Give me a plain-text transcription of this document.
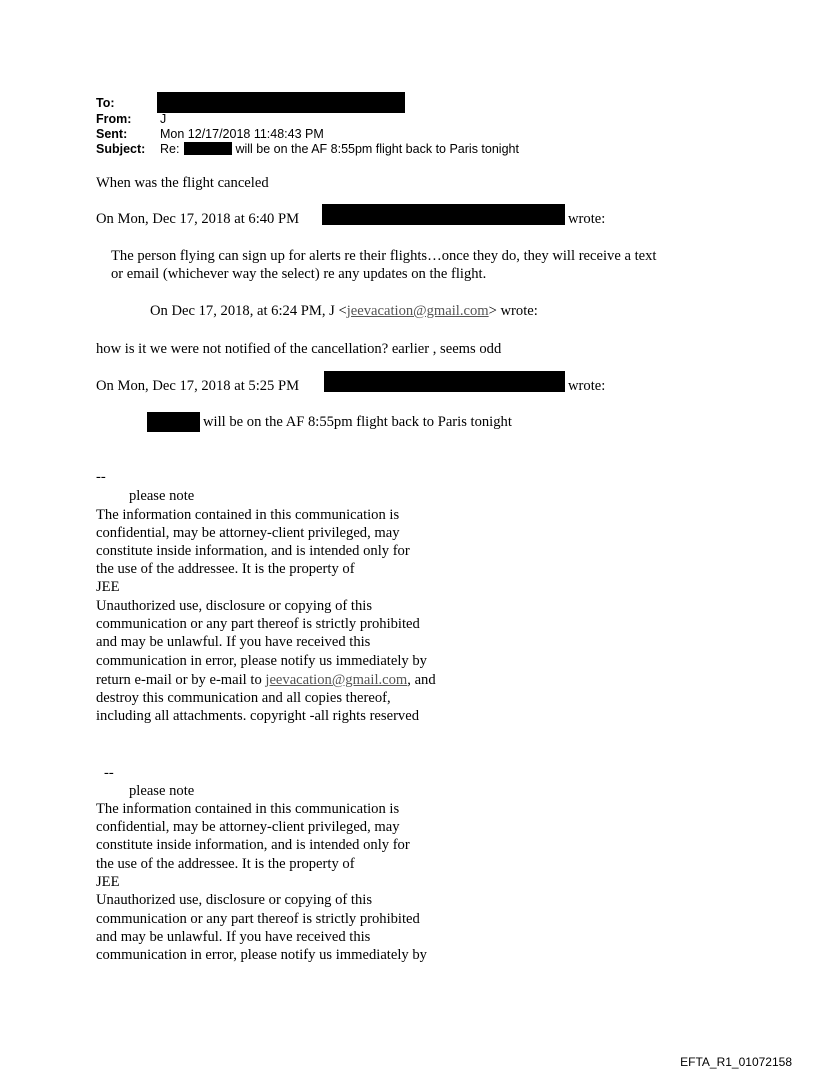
To:
From: J
Sent:	Mon 12/17/2018 11:48:43 PM
Subject: Re:	will be on the AF 8:55pm flight back to Paris tonight
When was the flight canceled
On Mon, Dec 17, 2018 at 6:40 PM	wrote:
The person flying can sign up for alerts re their flights…once they do, they will receive a text
or email (whichever way the select) re any updates on the flight.
On Dec 17, 2018, at 6:24 PM, J <jeevacation@gmail.com> wrote:
how is it we were not notified of the cancellation? earlier , seems odd
On Mon, Dec 17, 2018 at 5:25 PM	wrote:
will be on the AF 8:55pm flight back to Paris tonight
--
please note
The information contained in this communication is
confidential, may be attorney-client privileged, may
constitute inside information, and is intended only for
the use of the addressee. It is the property of
JEE
Unauthorized use, disclosure or copying of this
communication or any part thereof is strictly prohibited
and may be unlawful. If you have received this
communication in error, please notify us immediately by
return e-mail or by e-mail to jeevacation@gmail.com, and
destroy this communication and all copies thereof,
including all attachments. copyright -all rights reserved
--
please note
The information contained in this communication is
confidential, may be attorney-client privileged, may
constitute inside information, and is intended only for
the use of the addressee. It is the property of
JEE
Unauthorized use, disclosure or copying of this
communication or any part thereof is strictly prohibited
and may be unlawful. If you have received this
communication in error, please notify us immediately by
EFTA_R1_01072158
